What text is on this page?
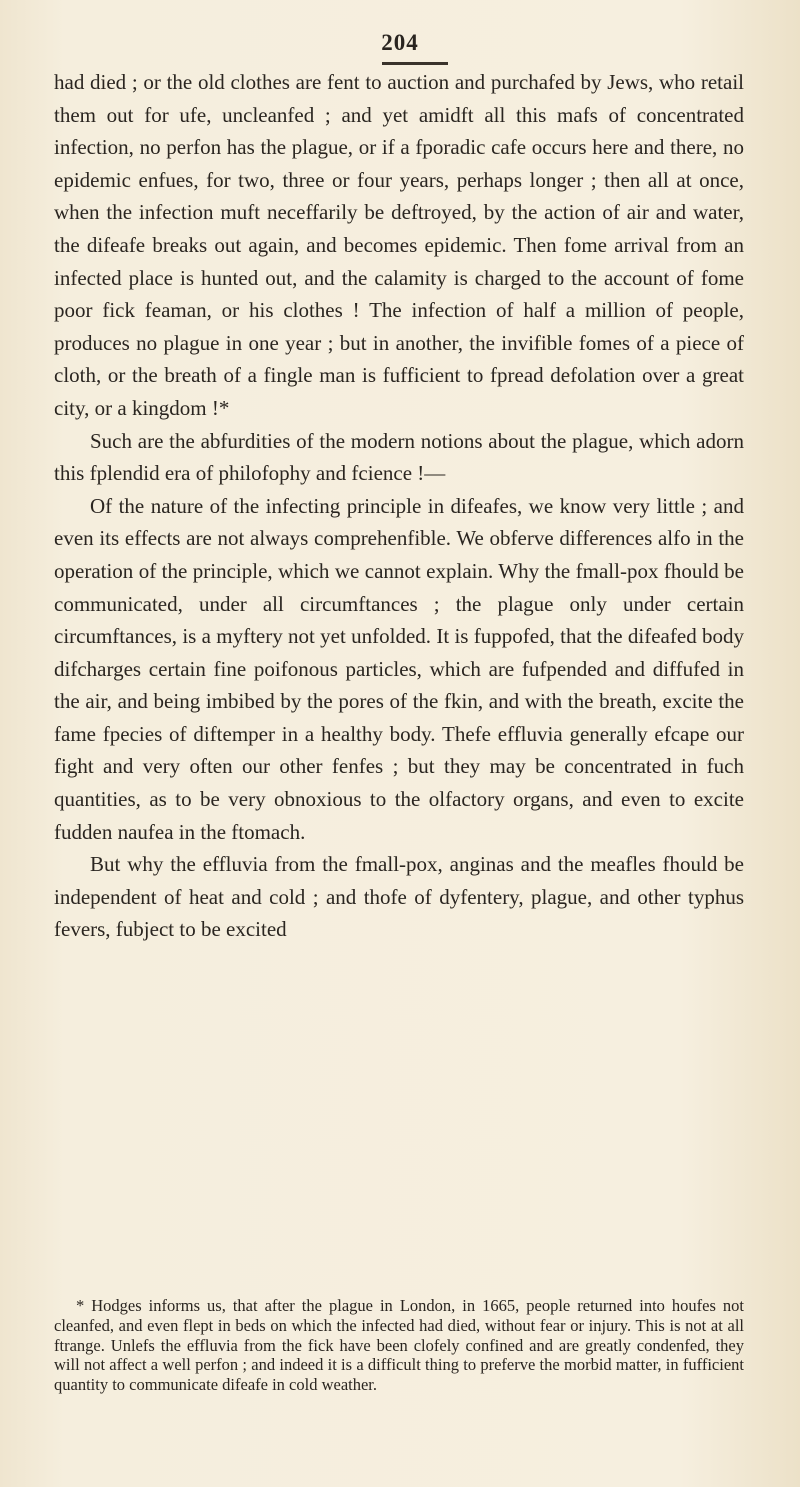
204

had died ; or the old clothes are fent to auction and purchafed by Jews, who retail them out for ufe, uncleanfed ; and yet amidft all this mafs of concentrated infection, no perfon has the plague, or if a fporadic cafe occurs here and there, no epidemic enfues, for two, three or four years, perhaps longer ; then all at once, when the infection muft neceffarily be deftroyed, by the action of air and water, the difeafe breaks out again, and becomes epidemic. Then fome arrival from an infected place is hunted out, and the calamity is charged to the account of fome poor fick feaman, or his clothes ! The infection of half a million of people, produces no plague in one year ; but in another, the invifible fomes of a piece of cloth, or the breath of a fingle man is fufficient to fpread defolation over a great city, or a kingdom !*

Such are the abfurdities of the modern notions about the plague, which adorn this fplendid era of philofophy and fcience !—

Of the nature of the infecting principle in difeafes, we know very little ; and even its effects are not always comprehenfible. We obferve differences alfo in the operation of the principle, which we cannot explain. Why the fmall-pox fhould be communicated, under all circumftances ; the plague only under certain circumftances, is a myftery not yet unfolded. It is fuppofed, that the difeafed body difcharges certain fine poifonous particles, which are fufpended and diffufed in the air, and being imbibed by the pores of the fkin, and with the breath, excite the fame fpecies of diftemper in a healthy body. Thefe effluvia generally efcape our fight and very often our other fenfes ; but they may be concentrated in fuch quantities, as to be very obnoxious to the olfactory organs, and even to excite fudden naufea in the ftomach.

But why the effluvia from the fmall-pox, anginas and the meafles fhould be independent of heat and cold ; and thofe of dyfentery, plague, and other typhus fevers, fubject to be excited

* Hodges informs us, that after the plague in London, in 1665, people returned into houfes not cleanfed, and even flept in beds on which the infected had died, without fear or injury. This is not at all ftrange. Unlefs the effluvia from the fick have been clofely confined and are greatly condenfed, they will not affect a well perfon ; and indeed it is a difficult thing to preferve the morbid matter, in fufficient quantity to communicate difeafe in cold weather.
